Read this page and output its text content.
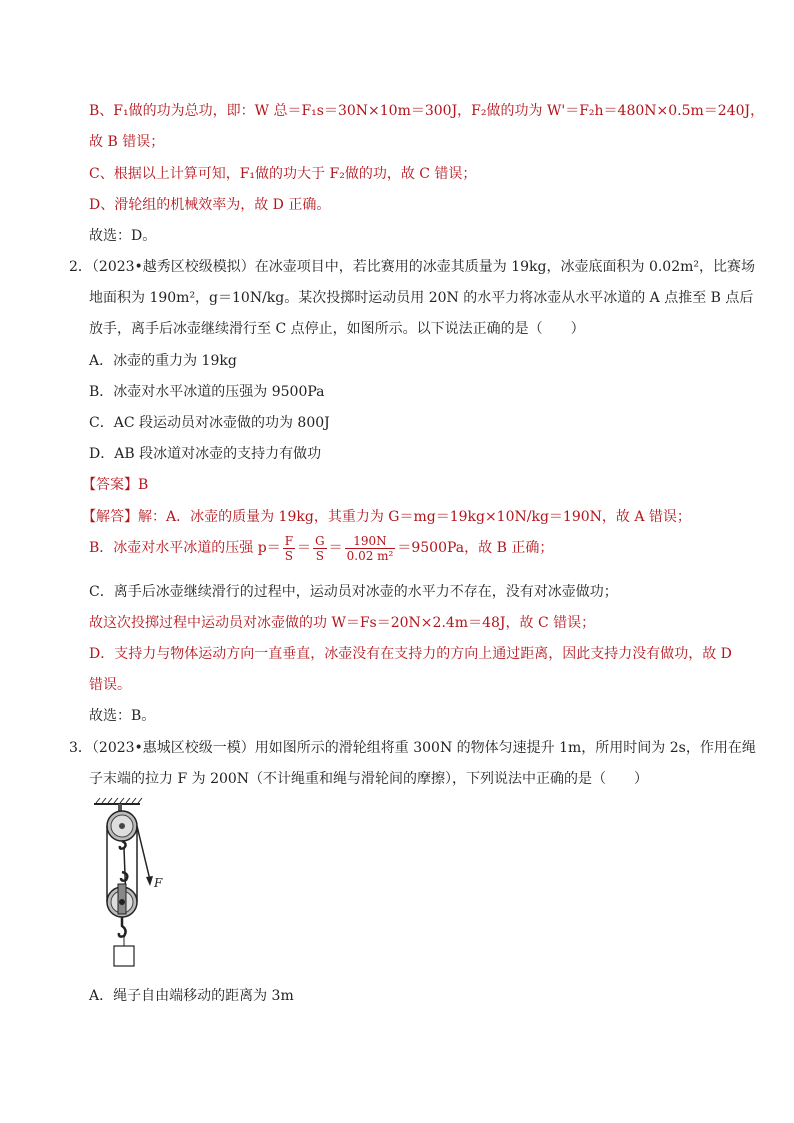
B、F₁做的功为总功，即：W 总＝F₁s＝30N×10m＝300J，F₂做的功为 W'＝F₂h＝480N×0.5m＝240J，
故 B 错误；
C、根据以上计算可知，F₁做的功大于 F₂做的功，故 C 错误；
D、滑轮组的机械效率为，故 D 正确。
故选：D。
2．（2023•越秀区校级模拟）在冰壶项目中，若比赛用的冰壶其质量为 19kg，冰壶底面积为 0.02m²，比赛场
地面积为 190m²，g＝10N/kg。某次投掷时运动员用 20N 的水平力将冰壶从水平冰道的 A 点推至 B 点后
放手，离手后冰壶继续滑行至 C 点停止，如图所示。以下说法正确的是（　　）
A．冰壶的重力为 19kg
B．冰壶对水平冰道的压强为 9500Pa
C．AC 段运动员对冰壶做的功为 800J
D．AB 段冰道对冰壶的支持力有做功
【答案】B
【解答】解：A．冰壶的质量为 19kg，其重力为 G＝mg＝19kg×10N/kg＝190N，故 A 错误；
B．冰壶对水平冰道的压强 $p= \frac{F}{S} = \frac{G}{S} = \frac{190N}{\text{0.02 m²}} =9500Pa$，故 B 正确；
C．离手后冰壶继续滑行的过程中，运动员对冰壶的水平力不存在，没有对冰壶做功；
故这次投掷过程中运动员对冰壶做的功 W＝Fs＝20N×2.4m＝48J，故 C 错误；
D．支持力与物体运动方向一直垂直，冰壶没有在支持力的方向上通过距离，因此支持力没有做功，故 D
错误。
故选：B。
3．（2023•惠城区校级一模）用如图所示的滑轮组将重 300N 的物体匀速提升 1m，所用时间为 2s，作用在绳
子末端的拉力 F 为 200N（不计绳重和绳与滑轮间的摩擦），下列说法中正确的是（　　）
F
A．绳子自由端移动的距离为 3m
